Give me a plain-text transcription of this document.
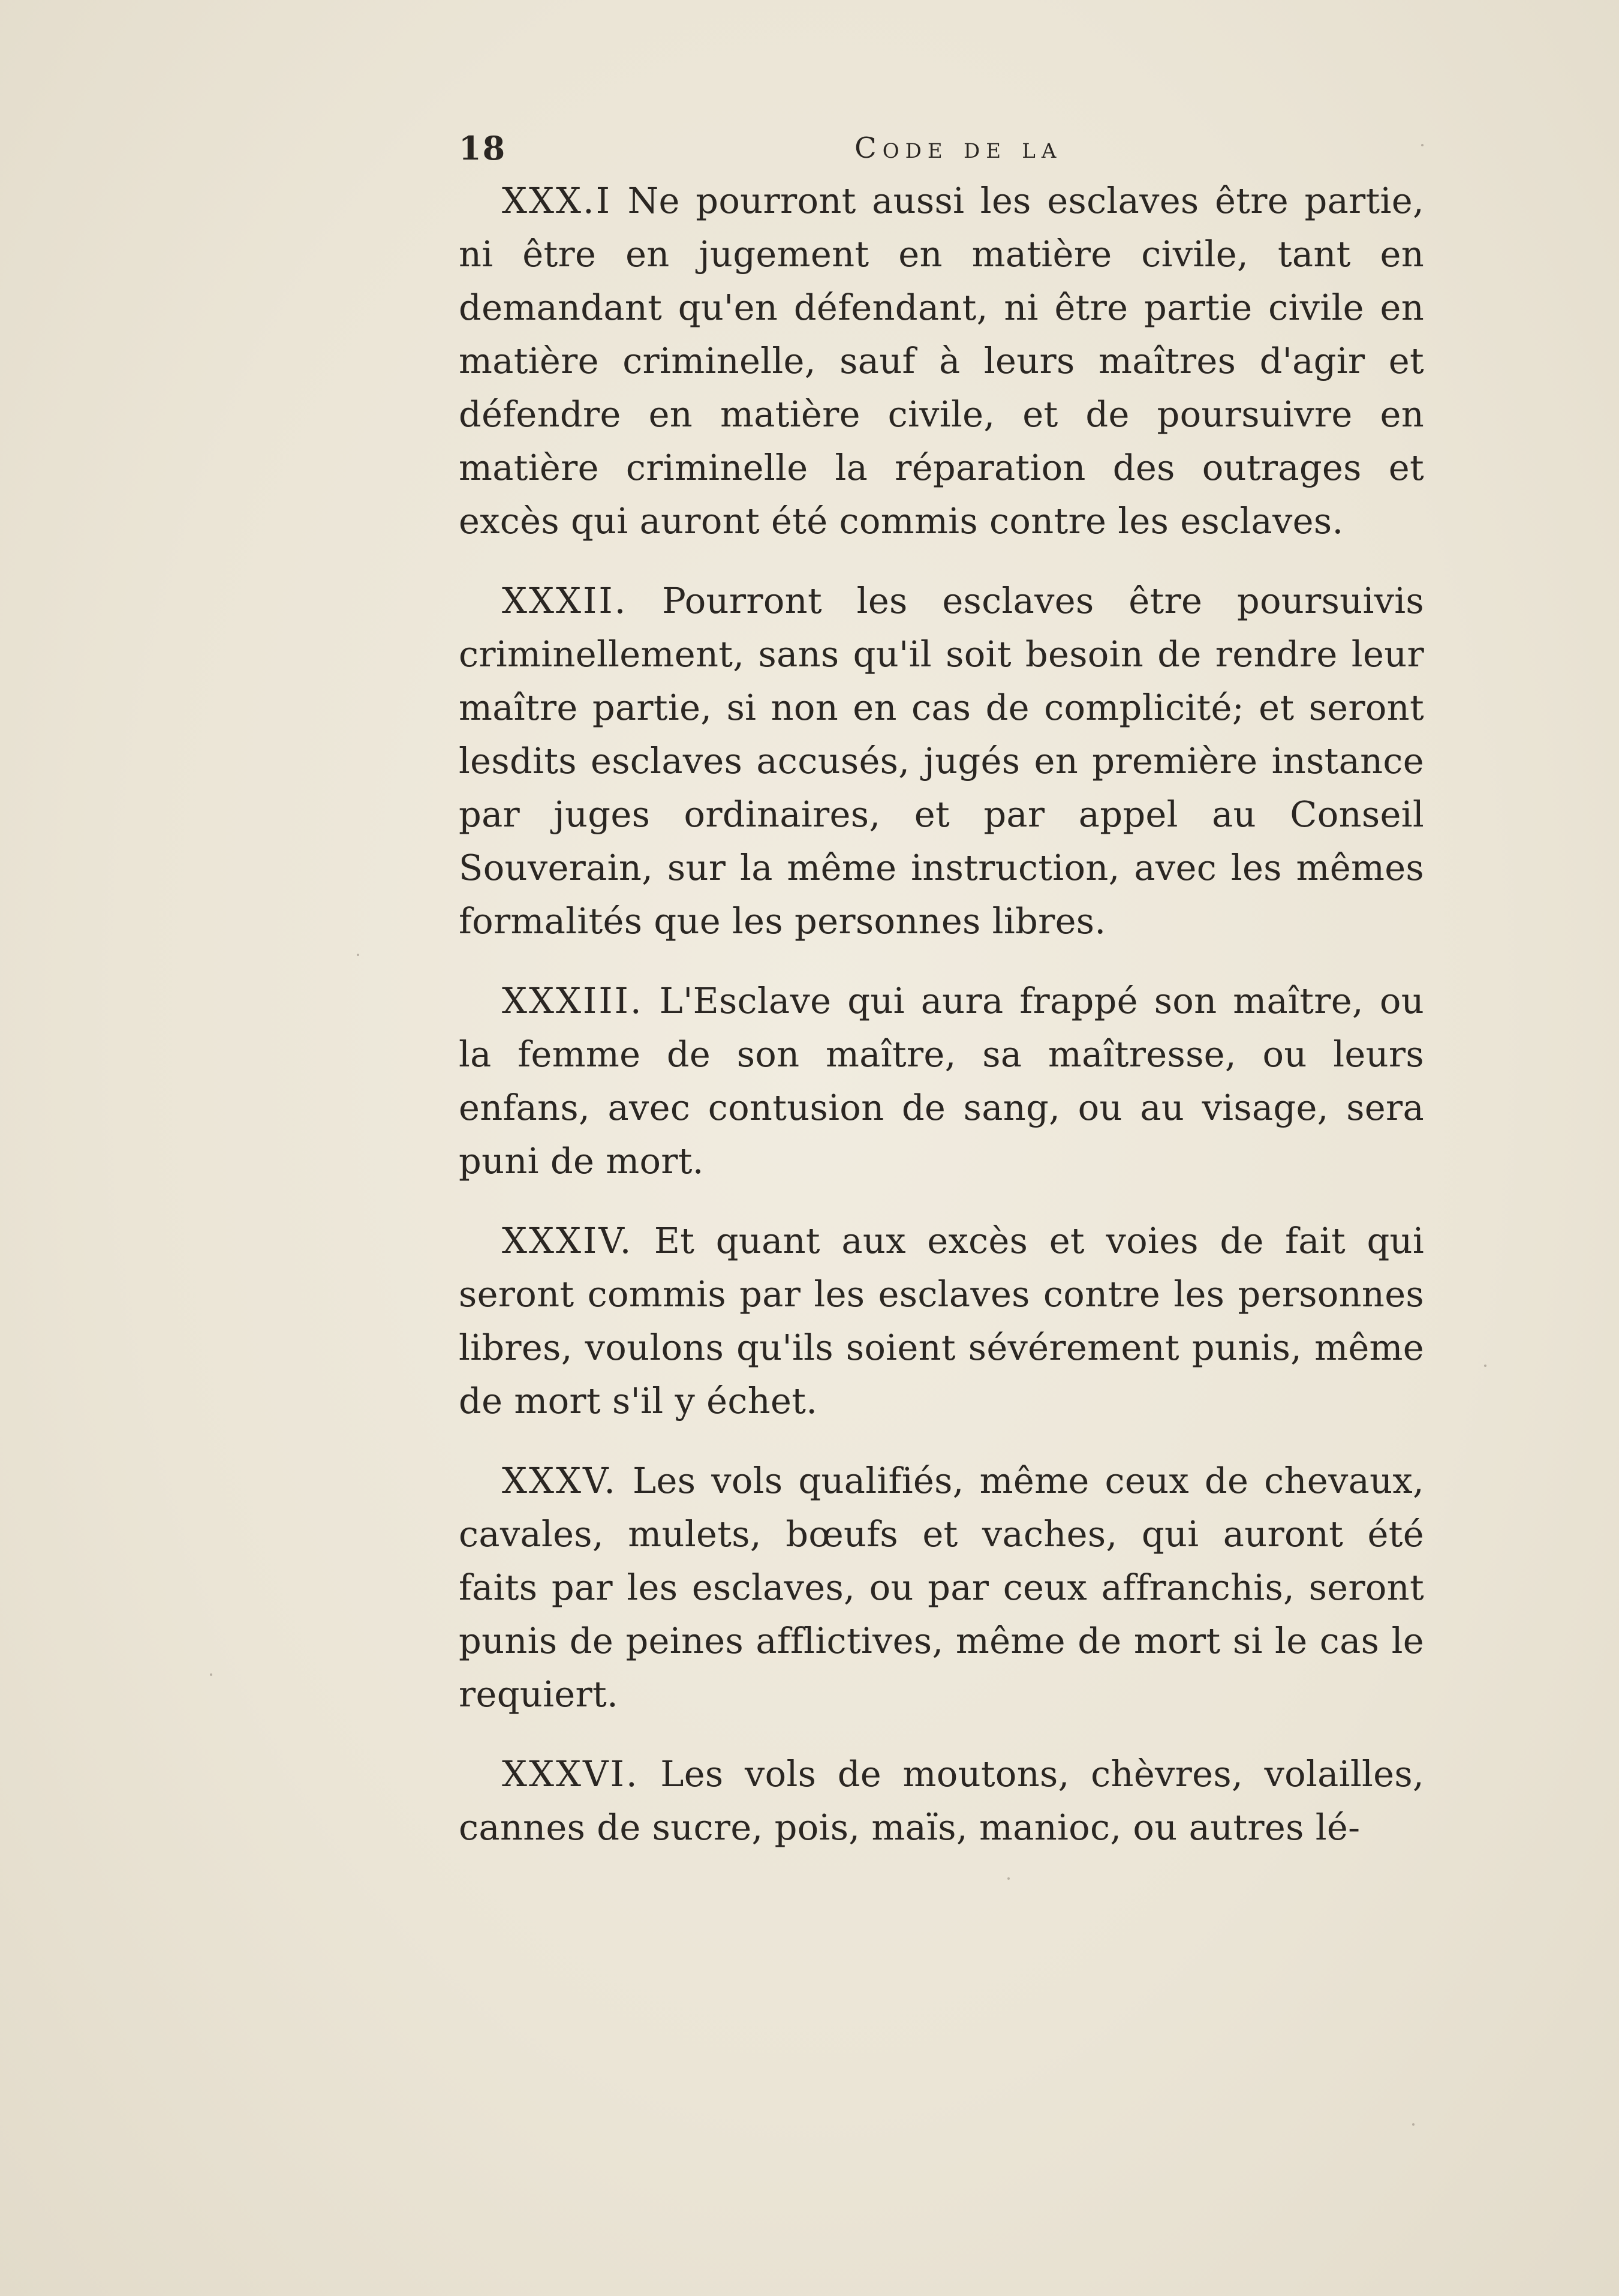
18	Code de la

XXX.I Ne pourront aussi les esclaves être partie, ni être en jugement en matière civile, tant en demandant qu'en défendant, ni être partie civile en matière criminelle, sauf à leurs maîtres d'agir et défendre en matière civile, et de poursuivre en matière criminelle la réparation des outrages et excès qui auront été commis contre les esclaves.

XXXII. Pourront les esclaves être poursuivis criminellement, sans qu'il soit besoin de rendre leur maître partie, si non en cas de complicité; et seront lesdits esclaves accusés, jugés en première instance par juges ordinaires, et par appel au Conseil Souverain, sur la même instruction, avec les mêmes formalités que les personnes libres.

XXXIII. L'Esclave qui aura frappé son maître, ou la femme de son maître, sa maîtresse, ou leurs enfans, avec contusion de sang, ou au visage, sera puni de mort.

XXXIV. Et quant aux excès et voies de fait qui seront commis par les esclaves contre les personnes libres, voulons qu'ils soient sévérement punis, même de mort s'il y échet.

XXXV. Les vols qualifiés, même ceux de chevaux, cavales, mulets, bœufs et vaches, qui auront été faits par les esclaves, ou par ceux affranchis, seront punis de peines afflictives, même de mort si le cas le requiert.

XXXVI. Les vols de moutons, chèvres, volailles, cannes de sucre, pois, maïs, manioc, ou autres lé-
